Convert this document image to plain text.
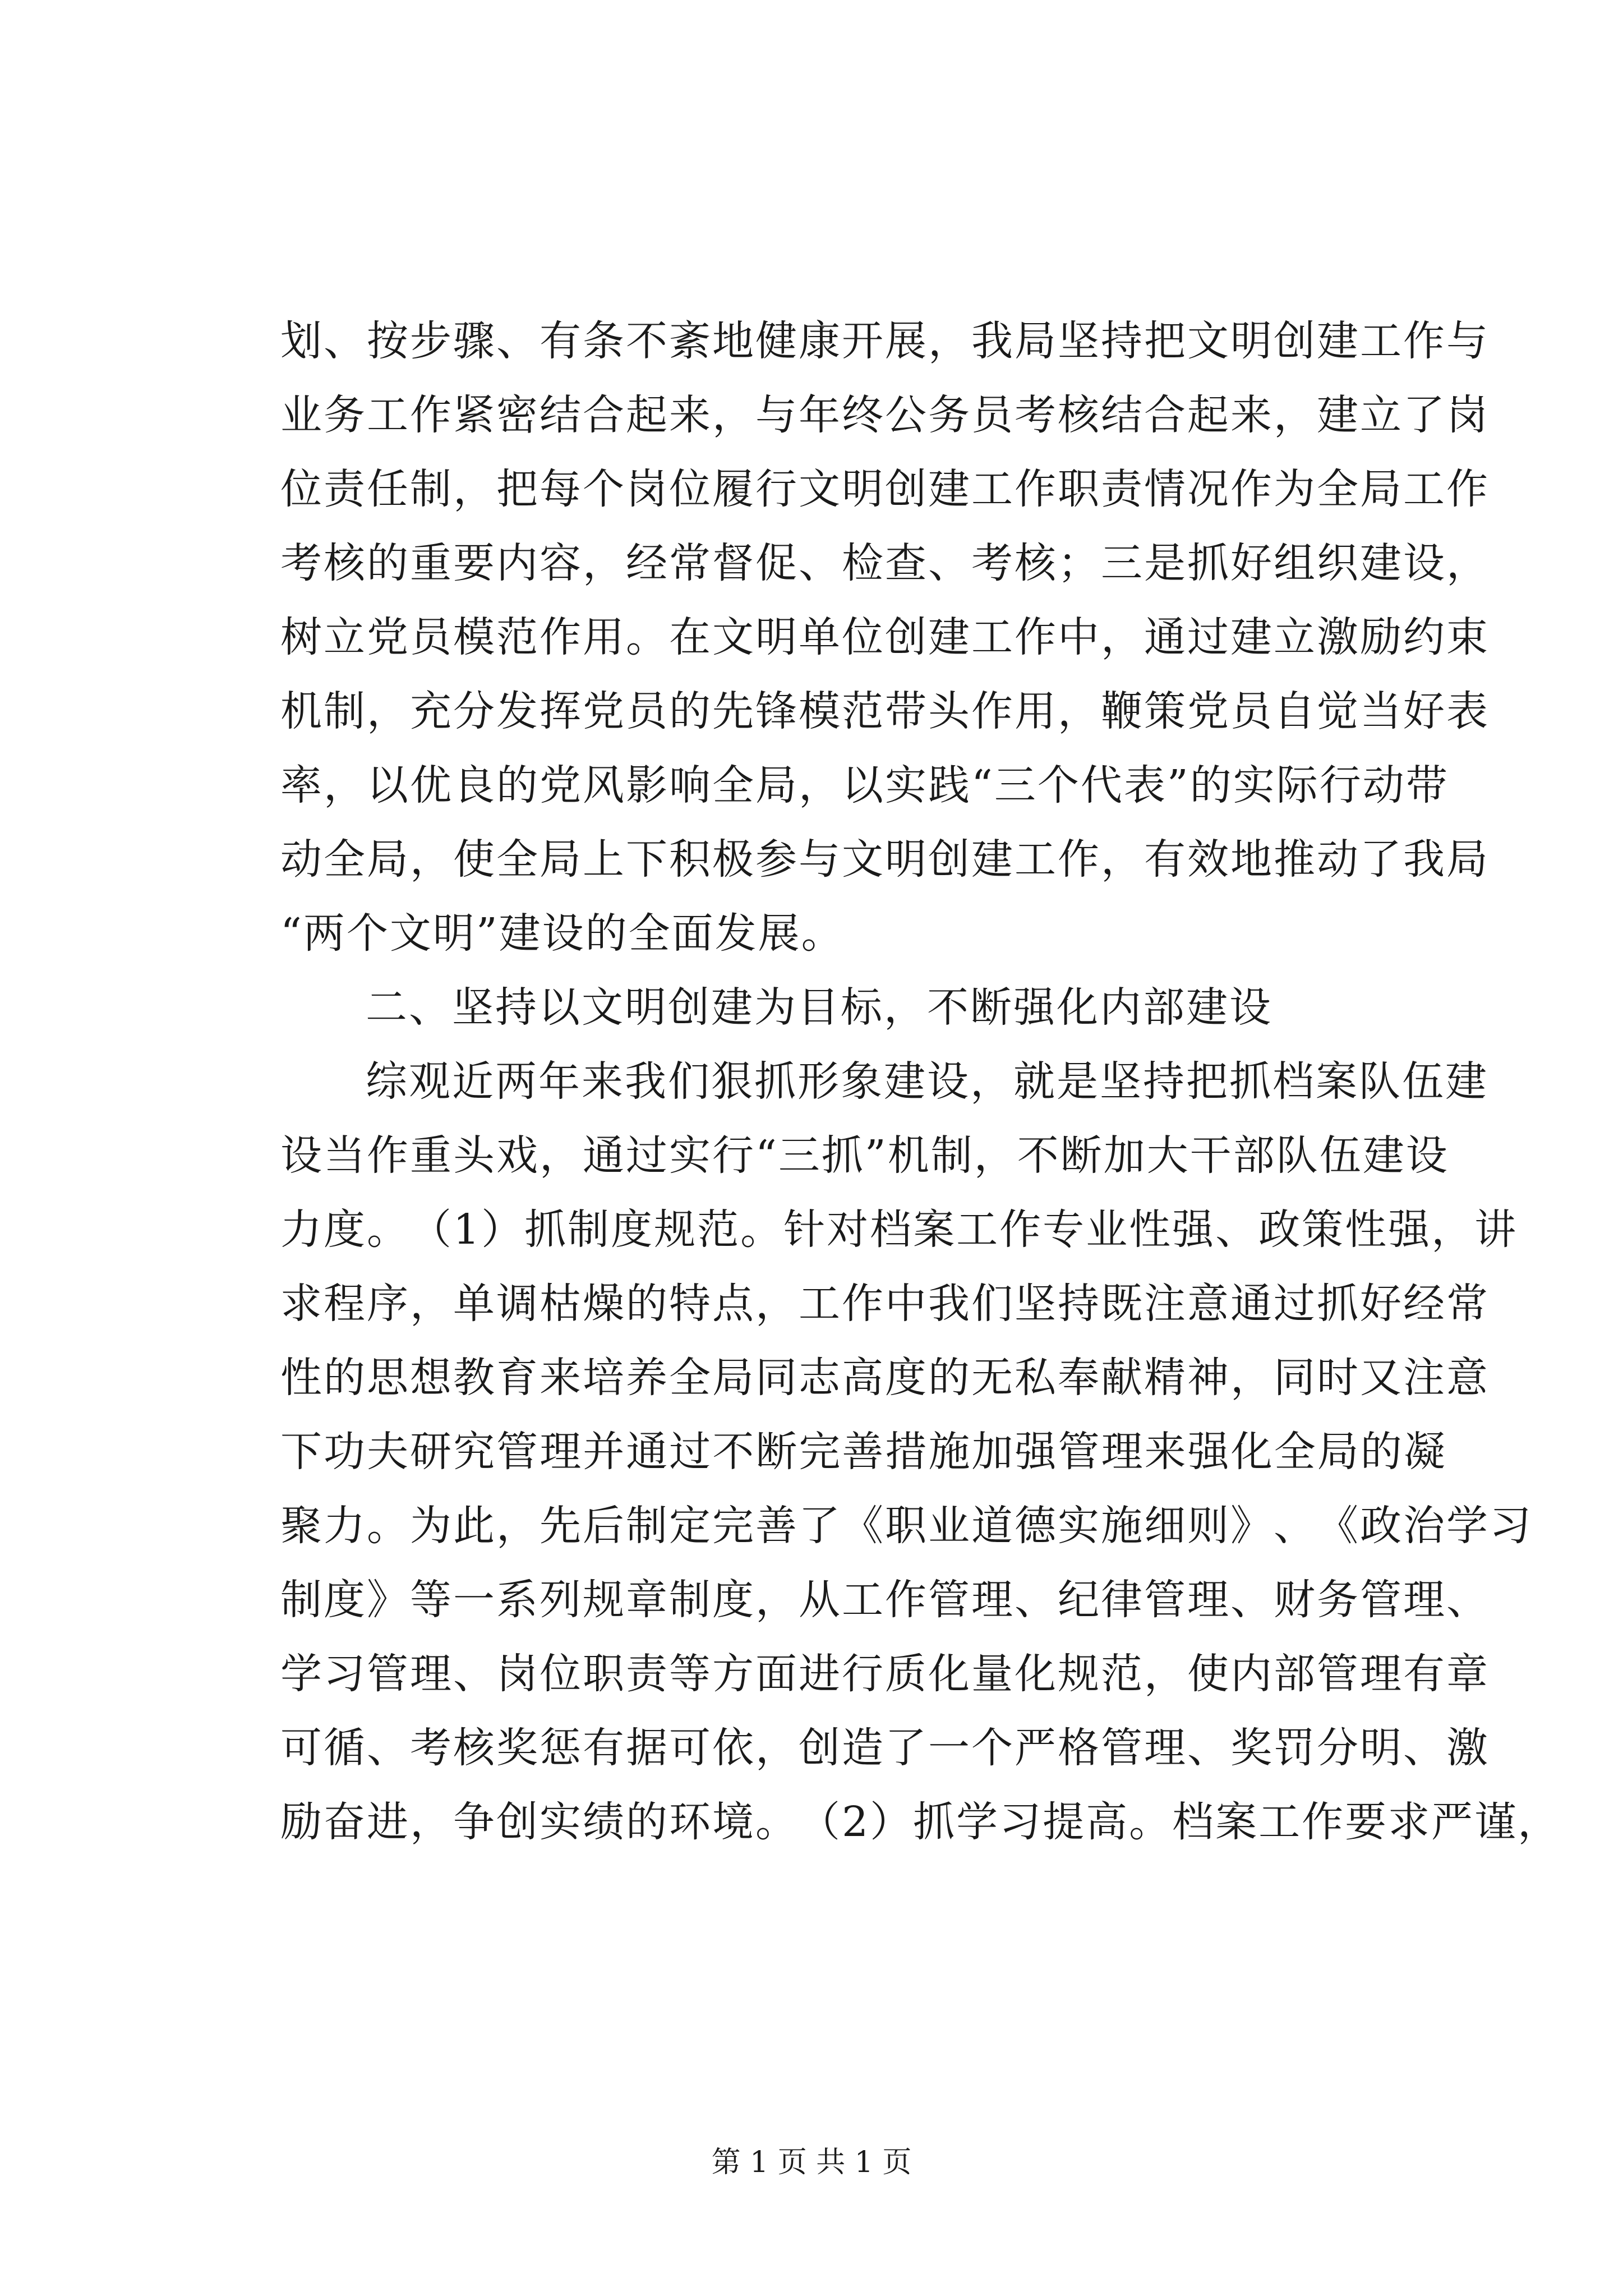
划 、 按 步 骤 、 有 条 不 紊 地 健 康 开 展 ， 我 局 坚 持 把 文 明 创 建 工 作 与
业 务 工 作 紧 密 结 合 起 来 ， 与 年 终 公 务 员 考 核 结 合 起 来 ， 建 立 了 岗
位 责 任 制 ， 把 每 个 岗 位 履 行 文 明 创 建 工 作 职 责 情 况 作 为 全 局 工 作
考 核 的 重 要 内 容 ， 经 常 督 促 、 检 查 、 考 核 ； 三 是 抓 好 组 织 建 设 ，
树 立 党 员 模 范 作 用 。 在 文 明 单 位 创 建 工 作 中 ， 通 过 建 立 激 励 约 束
机 制 ， 充 分 发 挥 党 员 的 先 锋 模 范 带 头 作 用 ， 鞭 策 党 员 自 觉 当 好 表
率 ， 以 优 良 的 党 风 影 响 全 局 ， 以 实 践 “ 三 个 代 表 ” 的 实 际 行 动 带
动 全 局 ， 使 全 局 上 下 积 极 参 与 文 明 创 建 工 作 ， 有 效 地 推 动 了 我 局
“两个文明”建设的全面发展。
二、坚持以文明创建为目标，不断强化内部建设
综观近两年来我们狠抓形象建设，就是坚持把抓档案队伍建
设 当 作 重 头 戏 ， 通 过 实 行 “ 三 抓 ” 机 制 ， 不 断 加 大 干 部 队 伍 建 设
力 度 。 （ 1 ） 抓 制 度 规 范 。 针 对 档 案 工 作 专 业 性 强 、 政 策 性 强 ， 讲
求 程 序 ， 单 调 枯 燥 的 特 点 ， 工 作 中 我 们 坚 持 既 注 意 通 过 抓 好 经 常
性 的 思 想 教 育 来 培 养 全 局 同 志 高 度 的 无 私 奉 献 精 神 ， 同 时 又 注 意
下 功 夫 研 究 管 理 并 通 过 不 断 完 善 措 施 加 强 管 理 来 强 化 全 局 的 凝
聚 力 。 为 此 ， 先 后 制 定 完 善 了 《 职 业 道 德 实 施 细 则 》 、 《 政 治 学 习
制 度 》 等 一 系 列 规 章 制 度 ， 从 工 作 管 理 、 纪 律 管 理 、 财 务 管 理 、
学 习 管 理 、 岗 位 职 责 等 方 面 进 行 质 化 量 化 规 范 ， 使 内 部 管 理 有 章
可 循 、 考 核 奖 惩 有 据 可 依 ， 创 造 了 一 个 严 格 管 理 、 奖 罚 分 明 、 激
励 奋 进 ， 争 创 实 绩 的 环 境 。 （ 2 ） 抓 学 习 提 高 。 档 案 工 作 要 求 严 谨 ，
第 1 页 共 1 页
